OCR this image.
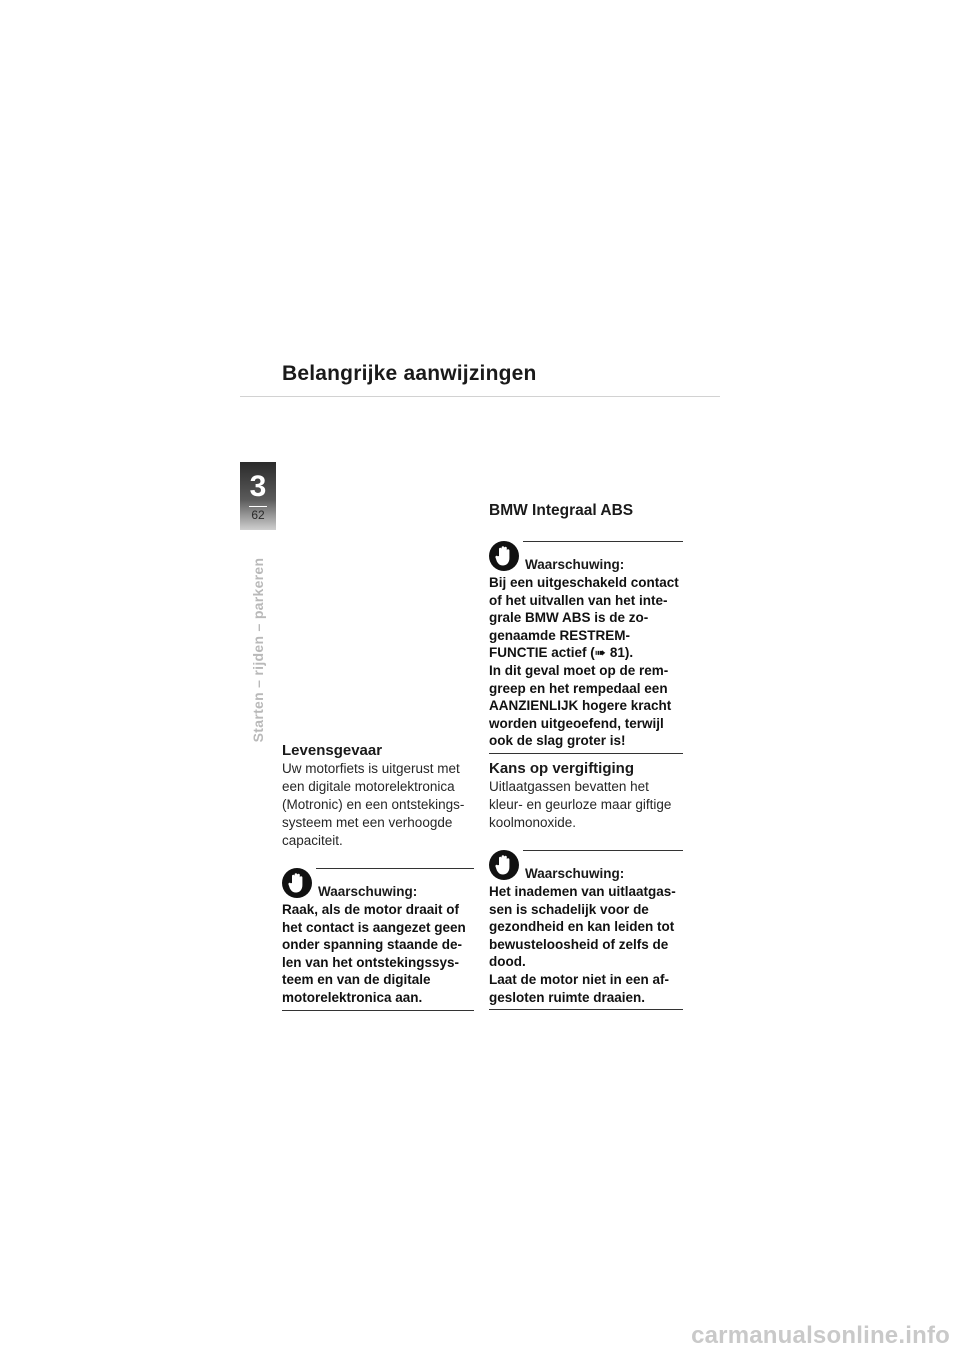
Belangrijke aanwijzingen
3
62
Starten – rijden – parkeren
Levensgevaar

Uw motorfiets is uitgerust met

een digitale motorelektronica

(Motronic) en een ontstekings-

systeem met een verhoogde

capaciteit.

Waarschuwing:

Raak, als de motor draait of

het contact is aangezet geen

onder spanning staande de-

len van het ontstekingssys-

teem en van de digitale

motorelektronica aan.

BMW Integraal ABS
Waarschuwing:

Bij een uitgeschakeld contact

of het uitvallen van het inte-

grale BMW ABS is de zo-

genaamde RESTREM-

FUNCTIE actief (➠ 81).

In dit geval moet op de rem-

greep en het rempedaal een

AANZIENLIJK hogere kracht

worden uitgeoefend, terwijl

ook de slag groter is!

Kans op vergiftiging

Uitlaatgassen bevatten het

kleur- en geurloze maar giftige

koolmonoxide.

Waarschuwing:

Het inademen van uitlaatgas-

sen is schadelijk voor de

gezondheid en kan leiden tot

bewusteloosheid of zelfs de

dood.

Laat de motor niet in een af-

gesloten ruimte draaien.

carmanualsonline.info
